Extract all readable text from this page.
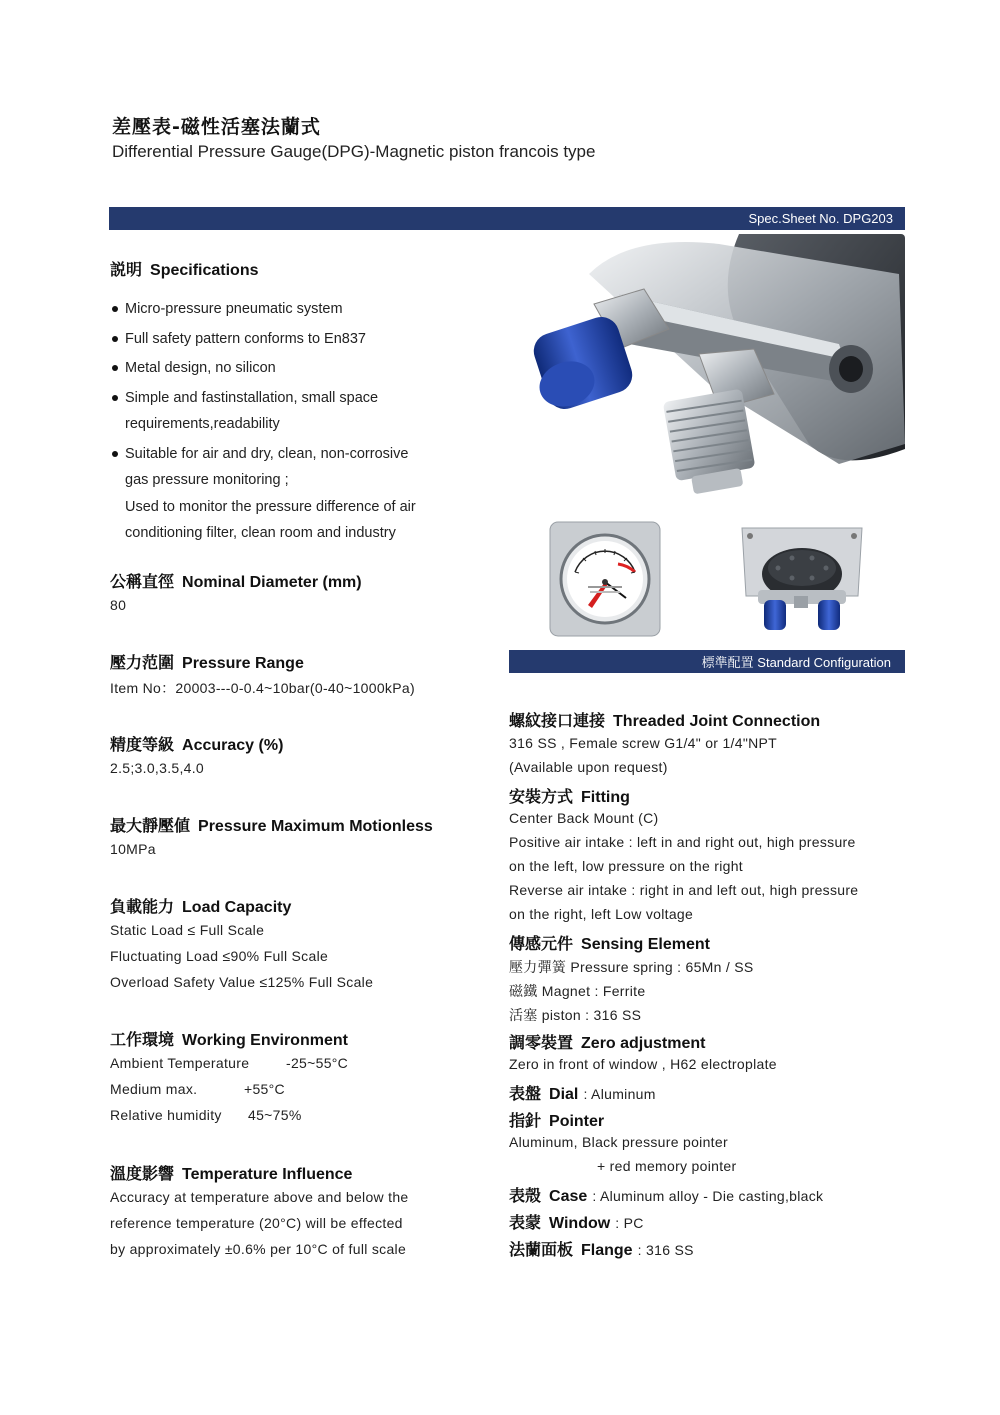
差壓表-磁性活塞法蘭式
Differential Pressure Gauge(DPG)-Magnetic piston francois type
Spec.Sheet No. DPG203
説明 Specifications
Micro-pressure pneumatic system
Full safety pattern conforms to En837
Metal design, no silicon
Simple and fastinstallation, small space
requirements,readability
Suitable for air and dry, clean, non-corrosive
gas pressure monitoring ;
Used to monitor the pressure difference of air
conditioning filter, clean room and industry
公稱直徑 Nominal Diameter (mm)
80
壓力范圍 Pressure Range
Item No：20003---0-0.4~10bar(0-40~1000kPa)
精度等級 Accuracy (%)
2.5;3.0,3.5,4.0
最大靜壓値 Pressure Maximum Motionless
10MPa
負載能力 Load Capacity
Static Load ≤ Full Scale
Fluctuating Load ≤90% Full Scale
Overload Safety Value ≤125% Full Scale
工作環境 Working Environment
Ambient Temperature	-25~55°C
Medium max.	+55°C
Relative humidity 45~75%
溫度影響 Temperature Influence
Accuracy at temperature above and below the
reference temperature (20°C) will be effected
by approximately ±0.6% per 10°C of full scale
標準配置 Standard Configuration
螺紋接口連接 Threaded Joint Connection
316 SS , Female screw G1/4" or 1/4"NPT
(Available upon request)
安裝方式 Fitting
Center Back Mount (C)
Positive air intake : left in and right out, high pressure
on the left, low pressure on the right
Reverse air intake : right in and left out, high pressure
on the right, left Low voltage
傳感元件 Sensing Element
壓力彈簧 Pressure spring : 65Mn / SS
磁鐵 Magnet : Ferrite
活塞 piston : 316 SS
調零裝置 Zero adjustment
Zero in front of window , H62 electroplate
表盤 Dial : Aluminum
指針 Pointer
Aluminum, Black pressure pointer
+ red memory pointer
表殼 Case : Aluminum alloy - Die casting,black
表蒙 Window : PC
法蘭面板 Flange : 316 SS
